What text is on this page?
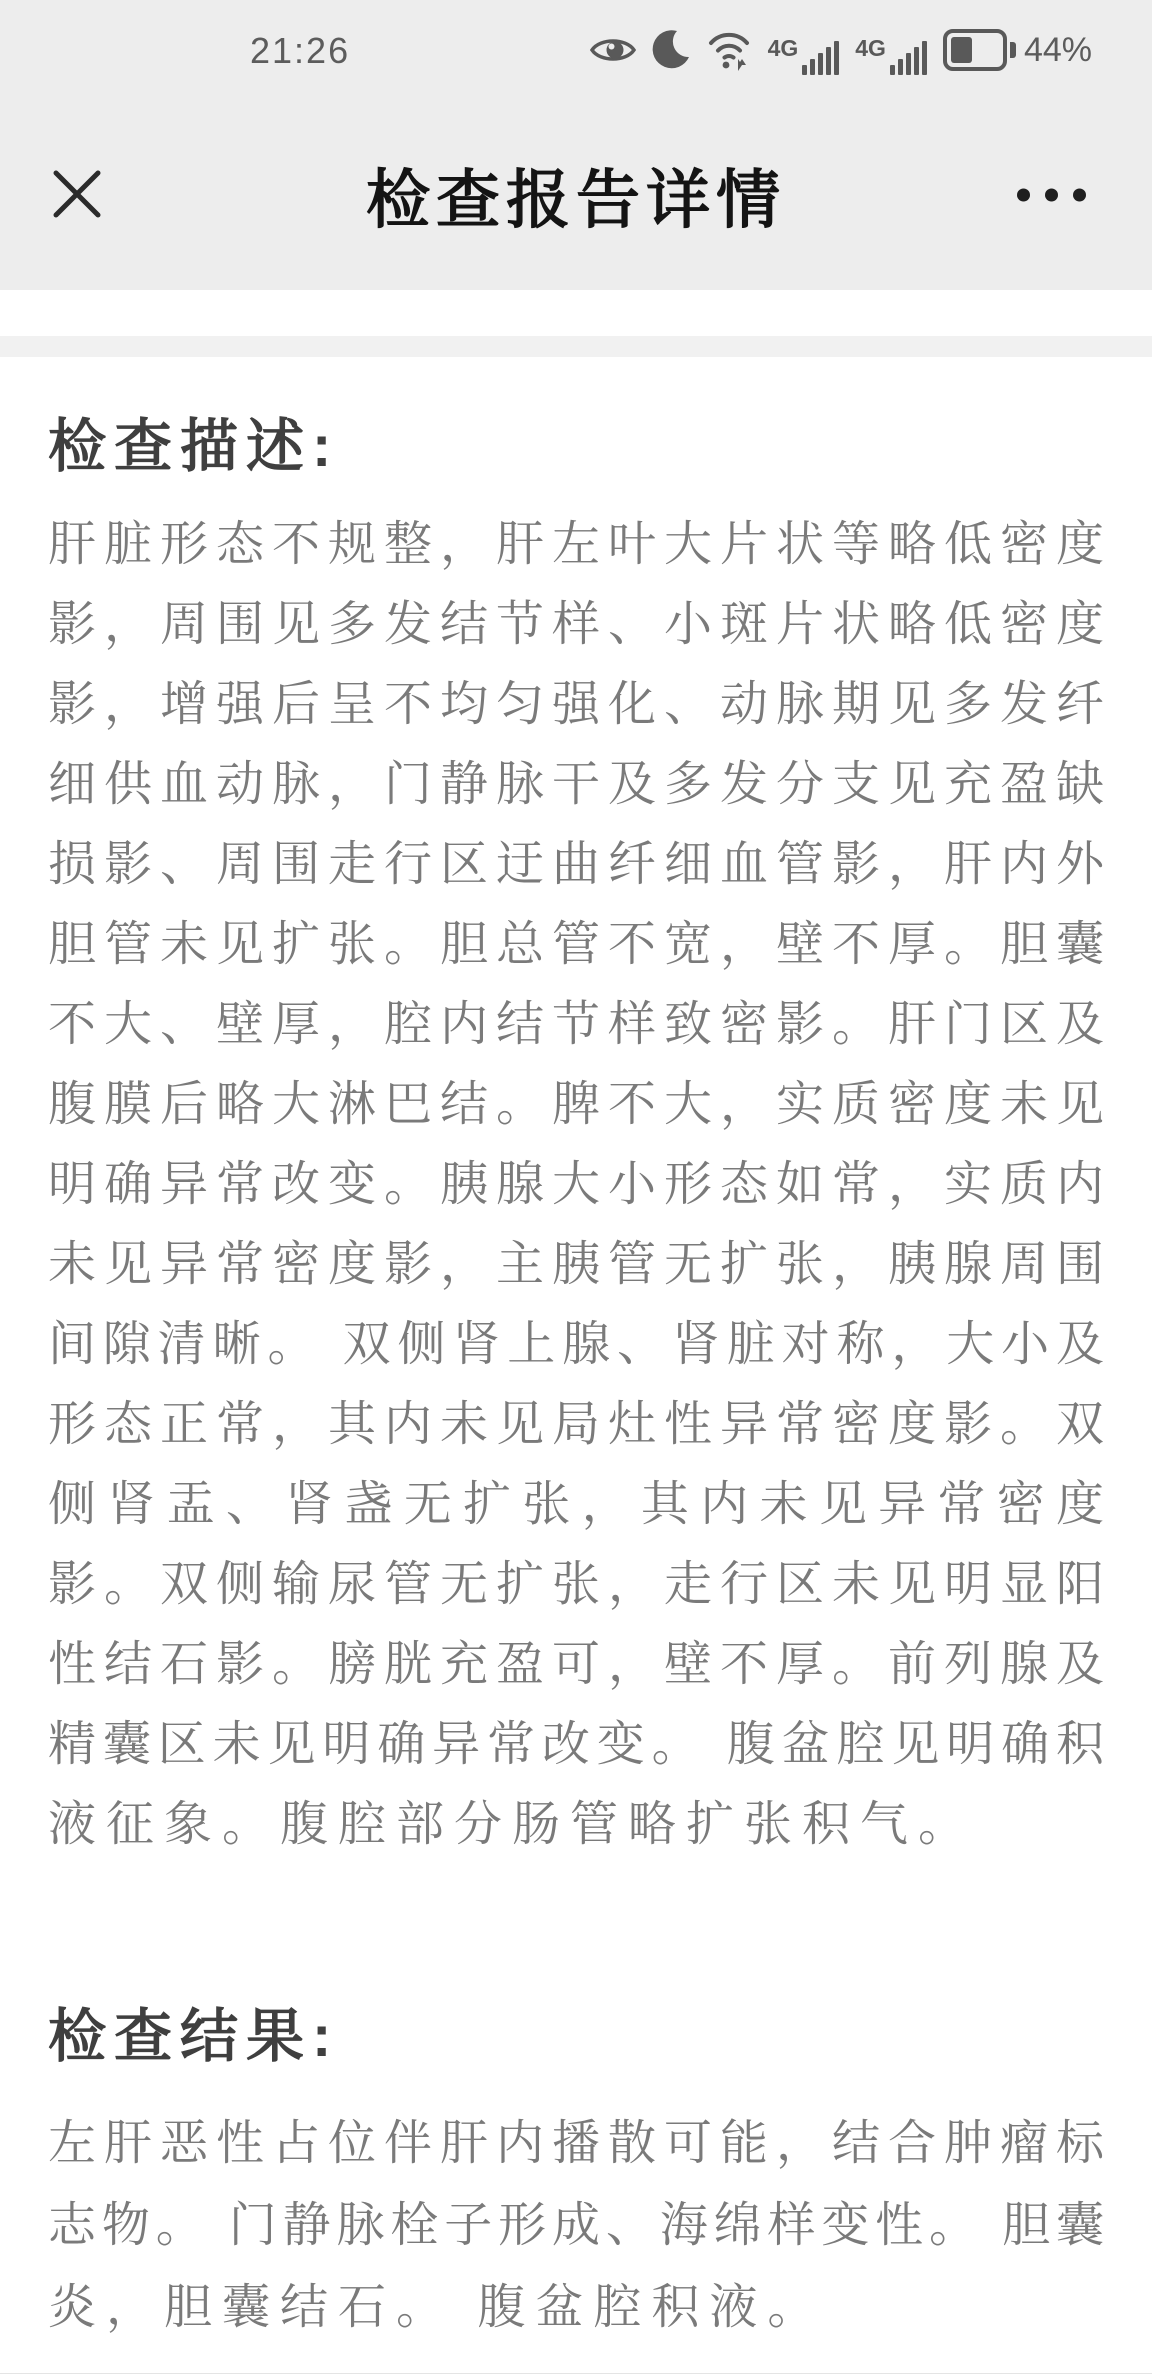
21:26	4G 4G	44%
检查报告详情
检查描述:
肝脏形态不规整，肝左叶大片状等略低密度
影，周围见多发结节样、小斑片状略低密度
影，增强后呈不均匀强化、动脉期见多发纤
细供血动脉，门静脉干及多发分支见充盈缺
损影、周围走行区迂曲纤细血管影，肝内外
胆管未见扩张。胆总管不宽，壁不厚。胆囊
不大、壁厚，腔内结节样致密影。肝门区及
腹膜后略大淋巴结。脾不大，实质密度未见
明确异常改变。胰腺大小形态如常，实质内
未见异常密度影，主胰管无扩张，胰腺周围
间隙清晰。 双侧肾上腺、肾脏对称，大小及
形态正常，其内未见局灶性异常密度影。双
侧肾盂、肾盏无扩张，其内未见异常密度
影。双侧输尿管无扩张，走行区未见明显阳
性结石影。膀胱充盈可，壁不厚。前列腺及
精囊区未见明确异常改变。 腹盆腔见明确积
液征象。腹腔部分肠管略扩张积气。
检查结果:
左肝恶性占位伴肝内播散可能，结合肿瘤标
志物。 门静脉栓子形成、海绵样变性。 胆囊
炎，胆囊结石。 腹盆腔积液。
